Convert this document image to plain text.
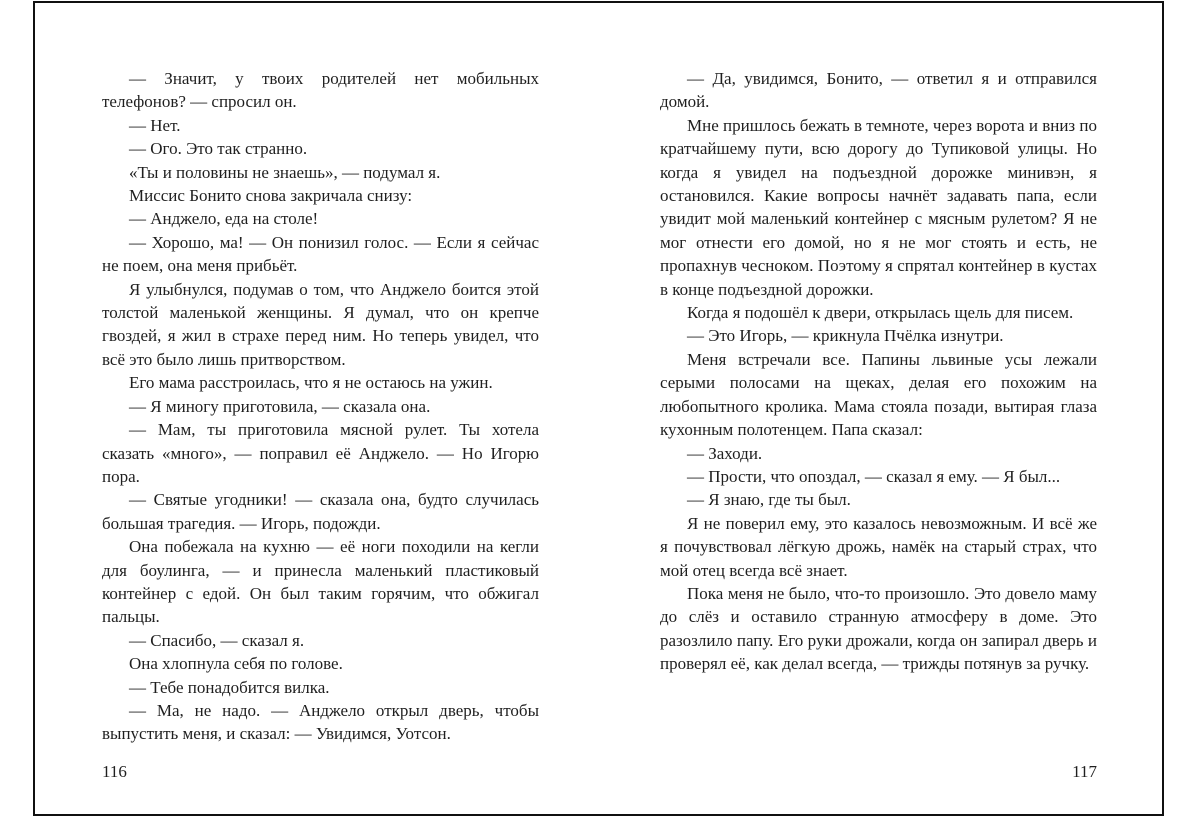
— Значит, у твоих родителей нет мобильных телефонов? — спросил он.

— Нет.

— Ого. Это так странно.

«Ты и половины не знаешь», — подумал я.

Миссис Бонито снова закричала снизу:

— Анджело, еда на столе!

— Хорошо, ма! — Он понизил голос. — Если я сейчас не поем, она меня прибьёт.

Я улыбнулся, подумав о том, что Анджело боится этой толстой маленькой женщины. Я думал, что он крепче гвоздей, я жил в страхе перед ним. Но теперь увидел, что всё это было лишь притворством.

Его мама расстроилась, что я не остаюсь на ужин.

— Я миногу приготовила, — сказала она.

— Мам, ты приготовила мясной рулет. Ты хотела сказать «много», — поправил её Анджело. — Но Игорю пора.

— Святые угодники! — сказала она, будто случилась большая трагедия. — Игорь, подожди.

Она побежала на кухню — её ноги походили на кегли для боулинга, — и принесла маленький пластиковый контейнер с едой. Он был таким горячим, что обжигал пальцы.

— Спасибо, — сказал я.

Она хлопнула себя по голове.

— Тебе понадобится вилка.

— Ма, не надо. — Анджело открыл дверь, чтобы выпустить меня, и сказал: — Увидимся, Уотсон.

— Да, увидимся, Бонито, — ответил я и отправился домой.

Мне пришлось бежать в темноте, через ворота и вниз по кратчайшему пути, всю дорогу до Тупиковой улицы. Но когда я увидел на подъездной дорожке минивэн, я остановился. Какие вопросы начнёт задавать папа, если увидит мой маленький контейнер с мясным рулетом? Я не мог отнести его домой, но я не мог стоять и есть, не пропахнув чесноком. Поэтому я спрятал контейнер в кустах в конце подъездной дорожки.

Когда я подошёл к двери, открылась щель для писем.

— Это Игорь, — крикнула Пчёлка изнутри.

Меня встречали все. Папины львиные усы лежали серыми полосами на щеках, делая его похожим на любопытного кролика. Мама стояла позади, вытирая глаза кухонным полотенцем. Папа сказал:

— Заходи.

— Прости, что опоздал, — сказал я ему. — Я был...

— Я знаю, где ты был.

Я не поверил ему, это казалось невозможным. И всё же я почувствовал лёгкую дрожь, намёк на старый страх, что мой отец всегда всё знает.

Пока меня не было, что-то произошло. Это довело маму до слёз и оставило странную атмосферу в доме. Это разозлило папу. Его руки дрожали, когда он запирал дверь и проверял её, как делал всегда, — трижды потянув за ручку.

116	117
